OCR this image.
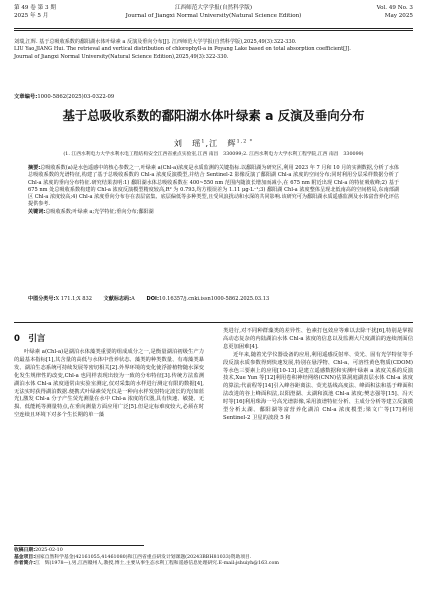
第 49 卷 第 3 期
2025 年 5 月
江西师范大学学报(自然科学版)
Journal of Jiangxi Normal University(Natural Science Edition)
Vol. 49 No. 3
May 2025

刘瑞,江辉. 基于总吸收系数的鄱阳湖水体叶绿素 a 反演及垂向分布[J]. 江西师范大学学报(自然科学版),2025,49(3):322-330.

LIU Yao,JIANG Hui. The retrieval and vertical distribution of chlorophyll-a in Poyang Lake based on total absorption coefficient[J].

Journal of Jiangxi Normal University(Natural Science Edition),2025,49(3):322-330.

文章编号:1000-5862(2025)03-0322-09
基于总吸收系数的鄱阳湖水体叶绿素 a 反演及垂向分布
刘　瑶$^1$,江　辉$^{1,2 *}$
(1. 江西水利电力大学水利水电工程结构安全江西省重点实验室,江西 南昌　330099;2. 江西水利电力大学水利工程学院,江西 南昌　330099)

摘要:总吸收系数(a)是水色遥感中的核心参数之一,叶绿素 a(Chl-a)浓度是水质监测的关键指标.以鄱阳湖为研究区,利用 2023 年 7 月和 10 月的实测数据,分析了水体总吸收系数的光谱特征,构建了基于总吸收系数的 Chl-a 浓度反演模型,并结合 Sentinel-2 影像反演了鄱阳湖 Chl-a 浓度的空间分布;同时利用分层采样数据分析了 Chl-a 浓度的垂向分布特征.研究结果表明:1) 鄱阳湖水体总吸收系数在 400~550 nm 范围内随波长增加而减小,在 675 nm 附近出现 Chl-a 的特征吸收峰;2) 基于 675 nm 处总吸收系数构建的 Chl-a 浓度反演模型精度较高,R² 为 0.793,均方根误差为 1.11 μg·L⁻¹;3) 鄱阳湖 Chl-a 浓度整体呈现北低南高的空间格局,东南部湖区 Chl-a 浓度较高;4) Chl-a 浓度垂向分布存在表层富集、底层偏低等多种类型,且受风浪扰动和水深的共同影响.该研究可为鄱阳湖水质遥感监测及水体富营养化评估提供参考.

关键词:总吸收系数;叶绿素 a;光学特征;垂向分布;鄱阳湖

中图分类号:X 171.1;X 832 文献标志码:A DOI:10.16357/j.cnki.issn1000-5862.2025.03.13
0　引言

叶绿素 a(Chl-a)是湖泊水体藻类重要的组成成分之一,是衡量湖泊初级生产力的最基本指标[1],其含量的高低与水体中营养状态、藻类的种类数量、有毒藻类暴发、湖泊生态系统可持续发展等密切相关[2].外界环境的变化使浮游植物随水深变化发生规律性的改变,Chl-a 也同样表现出较为一致的分布特征[3].传统方法监测湖泊水体 Chl-a 浓度通常由实验室测定,仅对采集的水样进行测定有限的数据[4],无法实时获得湖泊数据.便携式叶绿素荧光仪是一种向水样发射特定波长的光(如蓝光),激发 Chl-a 分子产生荧光测量在水中 Chl-a 浓度的仪器,具有快速、敏捷、无损、低能耗等测量特点,在垂向测量方面应用广泛[5].但是定标难度较大,必须在时空连续且环境下对多个生长期的单一藻

类进行,对不同种群藻类的差异性、色素打包效应等难以去除干扰[6],特别是掌握高动态复杂的内陆湖泊水体 Chl-a 浓度的信息以及监测大尺度湖泊的连续剖面信息更加困难[4].

近年来,随着光学仪器设备的应用,利用遥感反射率、荧光、固有光学特征等手段反演水质参数得到快速发展,特别在悬浮物、Chl-a、可溶性黄色物质(CDOM)等水色三要素上的应用[10-13].是建立遥感数据和实测叶绿素 a 浓度关系的反演技术,Xue Yun 等[12]利用卷积神经网络(CNN)估算洞庭湖表层水体 Chl-a 浓度的算法;代前程等[14]引入峰谷距离法、荧光基线高度法、峰面积法和基于峰面积法改进的谷上峰面积法,以阳澄湖、太湖和滇池 Chl-a 浓度;樊志强等[15]、冯天时等[16]利用珠海一号高光谱影像,采用波谱特征分析、主成分分析等建立反演模型分析太湖、鄱阳湖等富营养化湖泊 Chl-a 浓度模型;梁文广等[17]利用 Sentinel-2 卫星的波段 5 和

收稿日期:2025-02-10

基金项目:国家自然科学基金(42161055,41461080)和江西省重点研发计划课题(20243BBH81033)资助项目.

作者简介:江　辉(1978—),男,江西赣州人,教授,博士,主要从事生态水利工程和遥感信息处理研究.E-mail:jshuiyh@163.com
